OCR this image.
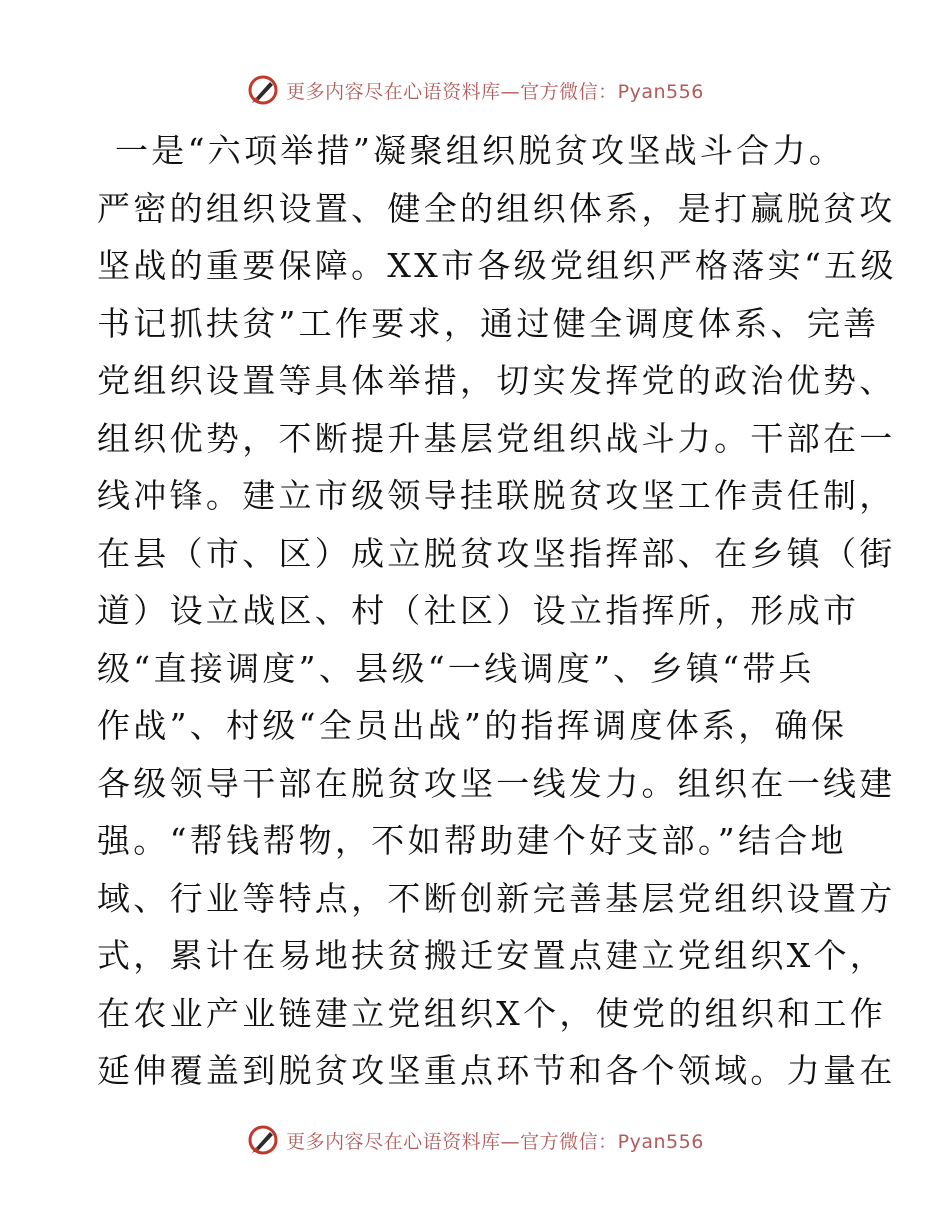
更多内容尽在心语资料库—官方微信：Pyan556
一是“六项举措”凝聚组织脱贫攻坚战斗合力。
严密的组织设置、健全的组织体系，是打赢脱贫攻
坚战的重要保障。XX市各级党组织严格落实“五级
书记抓扶贫”工作要求，通过健全调度体系、完善
党组织设置等具体举措，切实发挥党的政治优势、
组织优势，不断提升基层党组织战斗力。干部在一
线冲锋。建立市级领导挂联脱贫攻坚工作责任制，
在县（市、区）成立脱贫攻坚指挥部、在乡镇（街
道）设立战区、村（社区）设立指挥所，形成市
级“直接调度”、县级“一线调度”、乡镇“带兵
作战”、村级“全员出战”的指挥调度体系，确保
各级领导干部在脱贫攻坚一线发力。组织在一线建
强。“帮钱帮物，不如帮助建个好支部。”结合地
域、行业等特点，不断创新完善基层党组织设置方
式，累计在易地扶贫搬迁安置点建立党组织X个，
在农业产业链建立党组织X个，使党的组织和工作
延伸覆盖到脱贫攻坚重点环节和各个领域。力量在
更多内容尽在心语资料库—官方微信：Pyan556
